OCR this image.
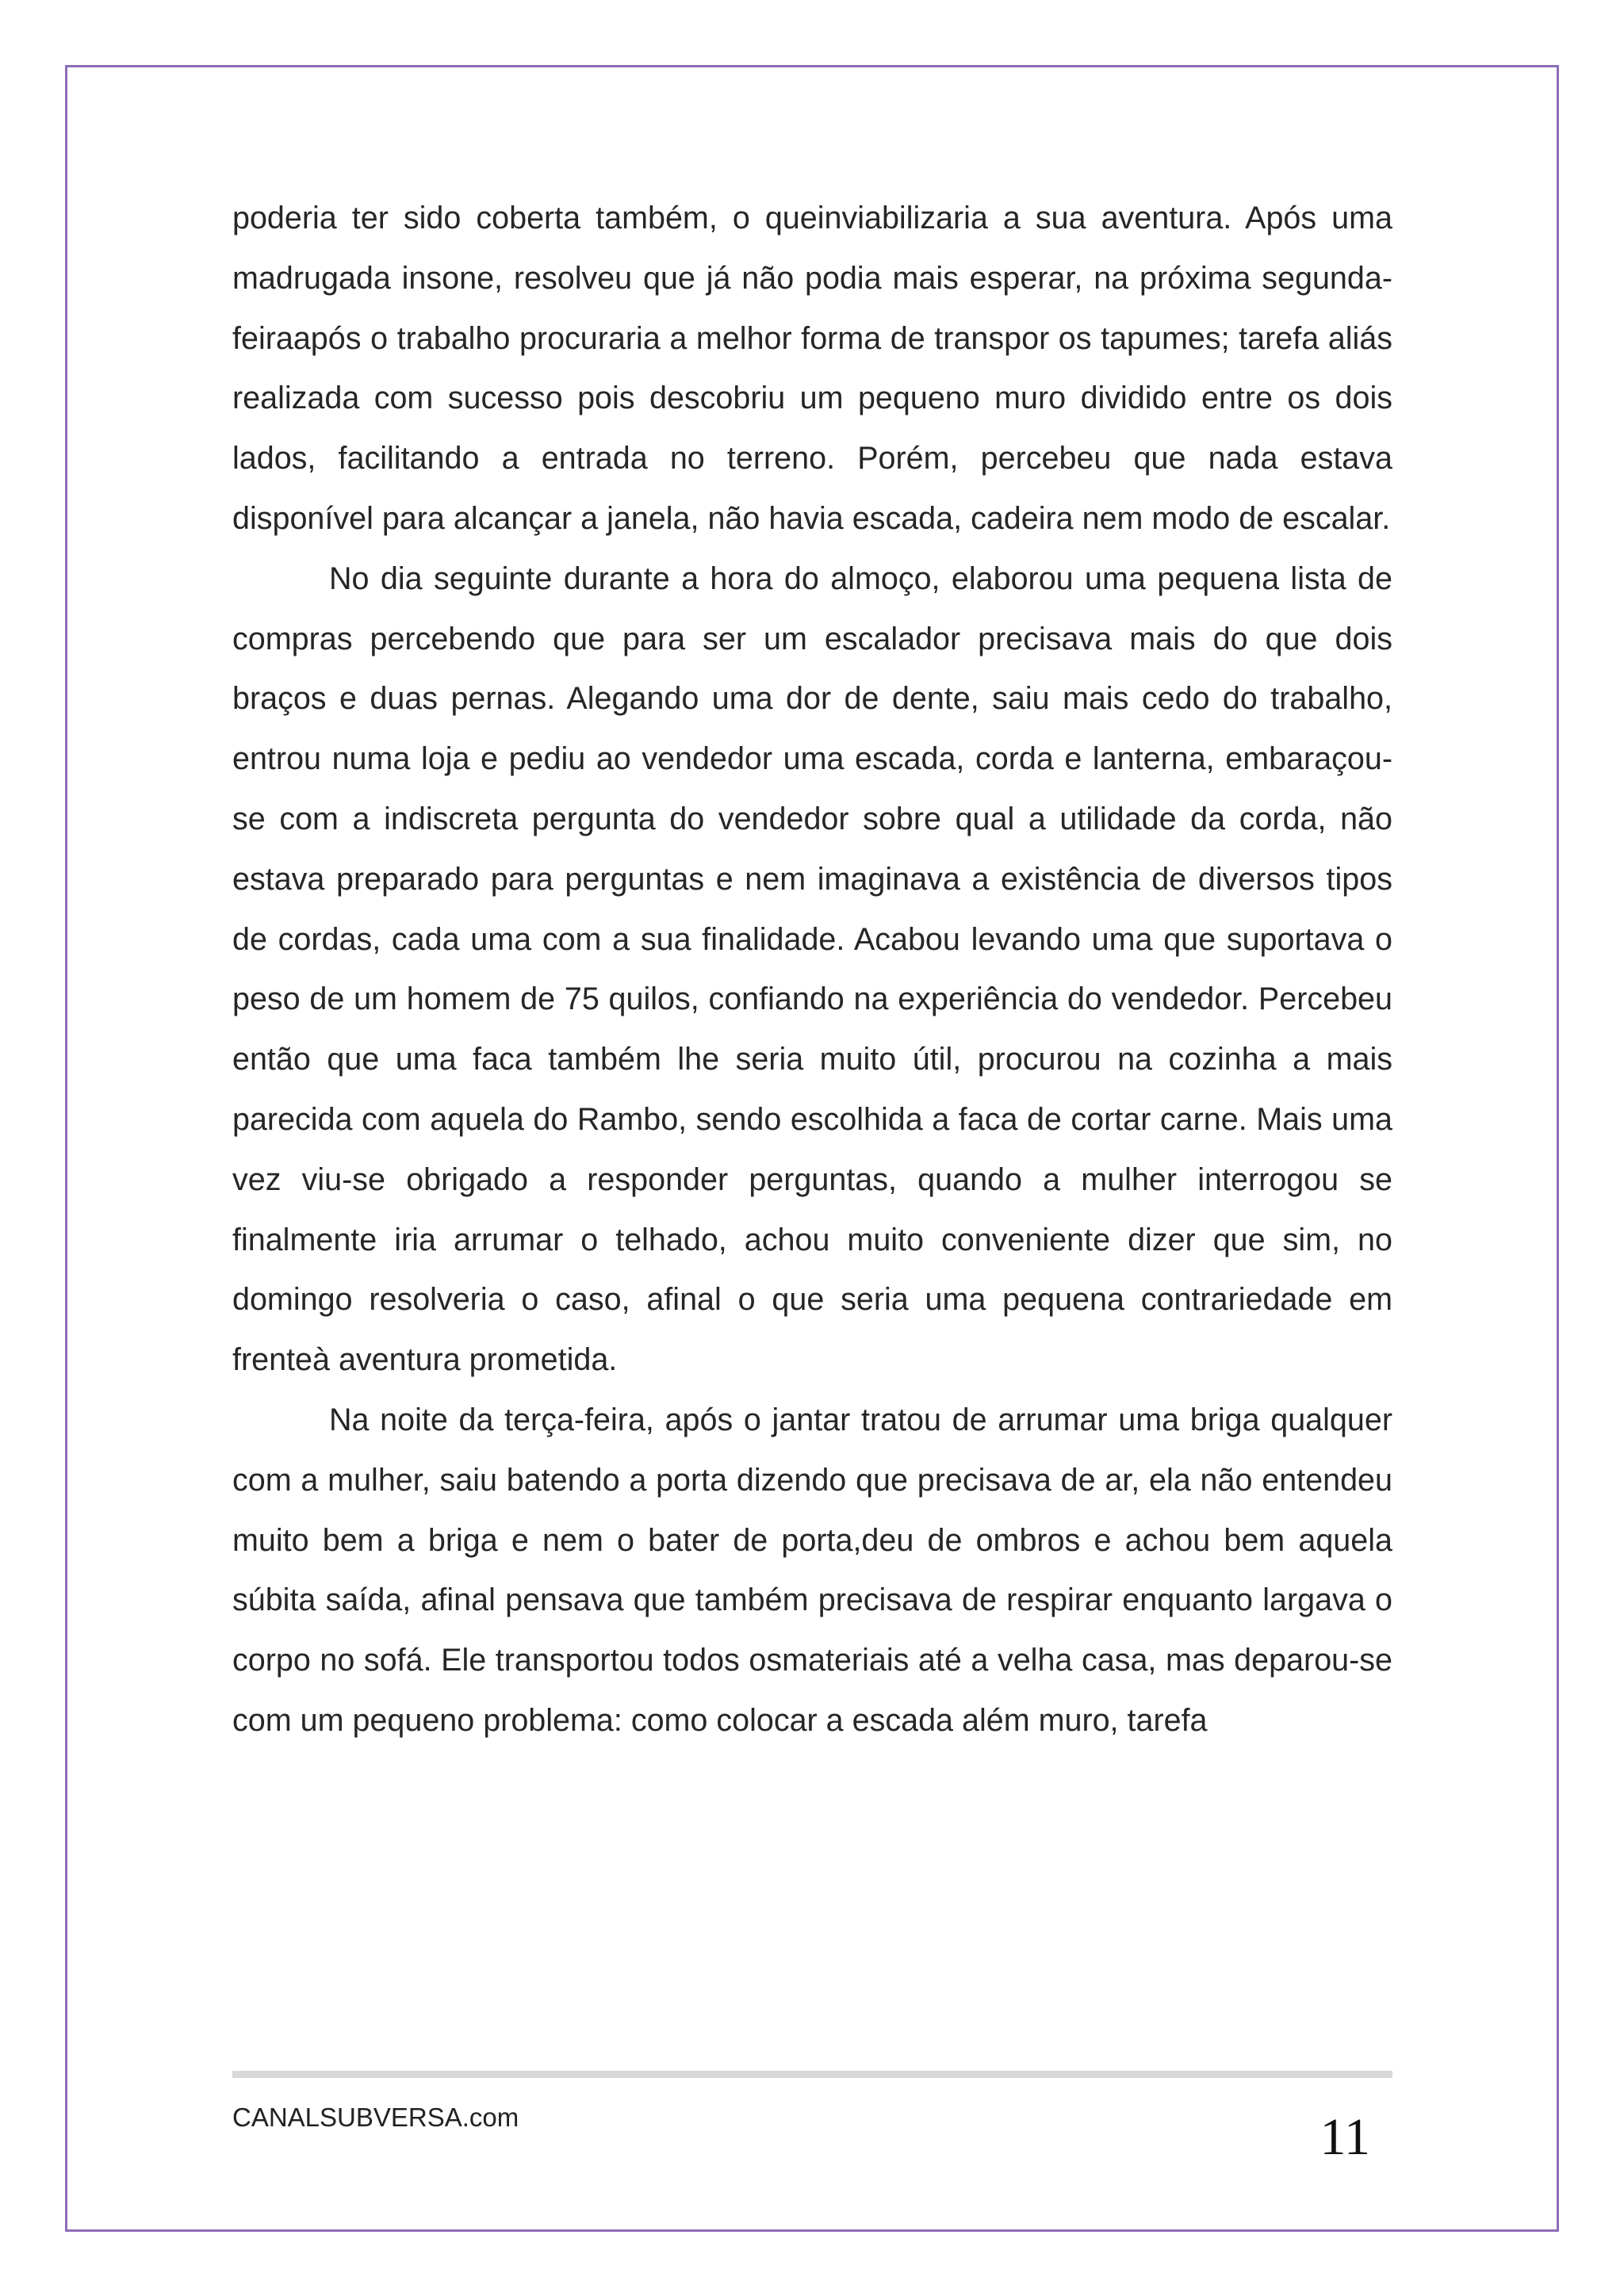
poderia ter sido coberta também, o queinviabilizaria a sua aventura. Após uma madrugada insone, resolveu que já não podia mais esperar, na próxima segunda-feiraapós o trabalho procuraria a melhor forma de transpor os tapumes; tarefa aliás realizada com sucesso pois descobriu um pequeno muro dividido entre os dois lados, facilitando a entrada no terreno. Porém, percebeu que nada estava disponível para alcançar a janela, não havia escada, cadeira nem modo de escalar.

No dia seguinte durante a hora do almoço, elaborou uma pequena lista de compras percebendo que para ser um escalador precisava mais do que dois braços e duas pernas. Alegando uma dor de dente, saiu mais cedo do trabalho, entrou numa loja e pediu ao vendedor uma escada, corda e lanterna, embaraçou-se com a indiscreta pergunta do vendedor sobre qual a utilidade da corda, não estava preparado para perguntas e nem imaginava a existência de diversos tipos de cordas, cada uma com a sua finalidade. Acabou levando uma que suportava o peso de um homem de 75 quilos, confiando na experiência do vendedor. Percebeu então que uma faca também lhe seria muito útil, procurou na cozinha a mais parecida com aquela do Rambo, sendo escolhida a faca de cortar carne. Mais uma vez viu-se obrigado a responder perguntas, quando a mulher interrogou se finalmente iria arrumar o telhado, achou muito conveniente dizer que sim, no domingo resolveria o caso, afinal o que seria uma pequena contrariedade em frenteà aventura prometida.

Na noite da terça-feira, após o jantar tratou de arrumar uma briga qualquer com a mulher, saiu batendo a porta dizendo que precisava de ar, ela não entendeu muito bem a briga e nem o bater de porta,deu de ombros e achou bem aquela súbita saída, afinal pensava que também precisava de respirar enquanto largava o corpo no sofá. Ele transportou todos osmateriais até a velha casa, mas deparou-se com um pequeno problema: como colocar a escada além muro, tarefa

CANALSUBVERSA.com	11
